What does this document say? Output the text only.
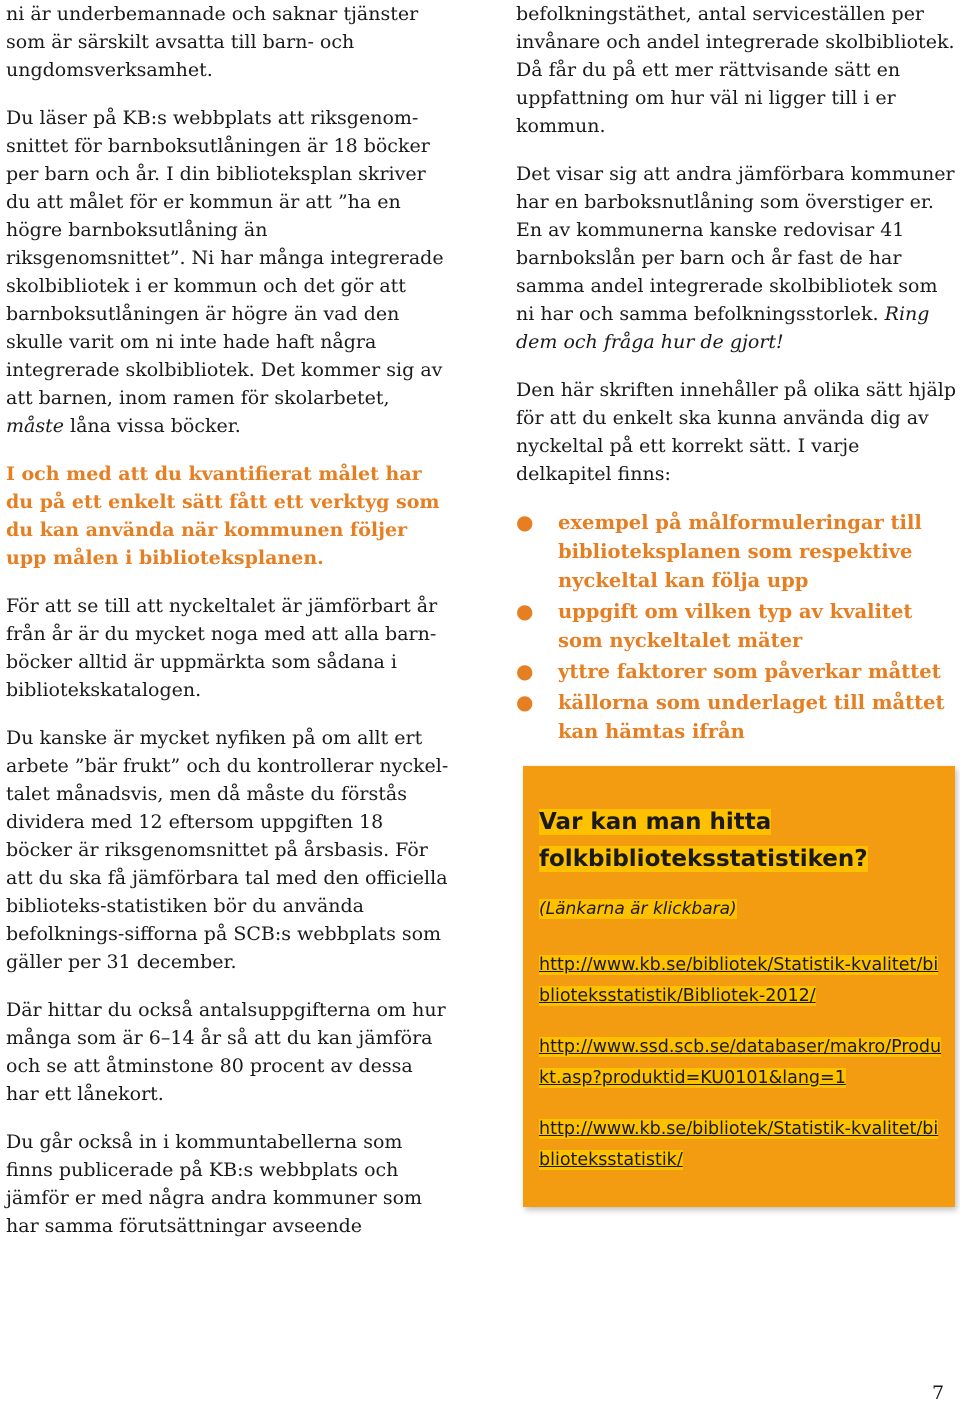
ni är underbemannade och saknar tjänster som är särskilt avsatta till barn- och ungdomsverksamhet.

Du läser på KB:s webbplats att riksgenom-snittet för barnboksutlåningen är 18 böcker per barn och år. I din biblioteksplan skriver du att målet för er kommun är att ”ha en högre barnboksutlåning än riksgenomsnittet”. Ni har många integrerade skolbibliotek i er kommun och det gör att barnboksutlåningen är högre än vad den skulle varit om ni inte hade haft några integrerade skolbibliotek. Det kommer sig av att barnen, inom ramen för skolarbetet, måste låna vissa böcker.

I och med att du kvantifierat målet har du på ett enkelt sätt fått ett verktyg som du kan använda när kommunen följer upp målen i biblioteksplanen.

För att se till att nyckeltalet är jämförbart år från år är du mycket noga med att alla barn-böcker alltid är uppmärkta som sådana i bibliotekskatalogen.

Du kanske är mycket nyfiken på om allt ert arbete ”bär frukt” och du kontrollerar nyckel-talet månadsvis, men då måste du förstås dividera med 12 eftersom uppgiften 18 böcker är riksgenomsnittet på årsbasis. För att du ska få jämförbara tal med den officiella biblioteks-statistiken bör du använda befolknings-sifforna på SCB:s webbplats som gäller per 31 december.

Där hittar du också antalsuppgifterna om hur många som är 6–14 år så att du kan jämföra och se att åtminstone 80 procent av dessa har ett lånekort.

Du går också in i kommuntabellerna som finns publicerade på KB:s webbplats och jämför er med några andra kommuner som har samma förutsättningar avseende

befolkningstäthet, antal serviceställen per invånare och andel integrerade skolbibliotek. Då får du på ett mer rättvisande sätt en uppfattning om hur väl ni ligger till i er kommun.

Det visar sig att andra jämförbara kommuner har en barboksnutlåning som överstiger er. En av kommunerna kanske redovisar 41 barnbokslån per barn och år fast de har samma andel integrerade skolbibliotek som ni har och samma befolkningsstorlek. Ring dem och fråga hur de gjort!

Den här skriften innehåller på olika sätt hjälp för att du enkelt ska kunna använda dig av nyckeltal på ett korrekt sätt. I varje delkapitel finns:

● exempel på målformuleringar till biblioteksplanen som respektive nyckeltal kan följa upp
● uppgift om vilken typ av kvalitet som nyckeltalet mäter
● yttre faktorer som påverkar måttet
● källorna som underlaget till måttet kan hämtas ifrån
Var kan man hitta
folkbiblioteksstatistiken?
(Länkarna är klickbara)
http://www.kb.se/bibliotek/Statistik-kvalitet/biblioteksstatistik/Bibliotek-2012/
http://www.ssd.scb.se/databaser/makro/Produkt.asp?produktid=KU0101&lang=1
http://www.kb.se/bibliotek/Statistik-kvalitet/biblioteksstatistik/
7
